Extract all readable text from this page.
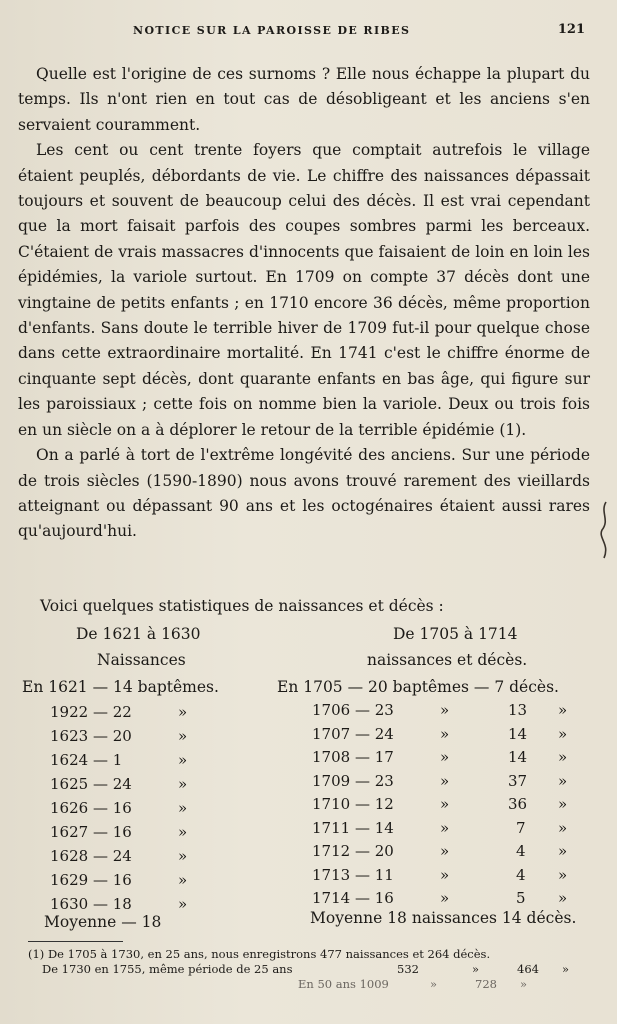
NOTICE SUR LA PAROISSE DE RIBES	121

Quelle est l'origine de ces surnoms ? Elle nous échappe la plupart du temps. Ils n'ont rien en tout cas de désobligeant et les anciens s'en servaient couramment.

Les cent ou cent trente foyers que comptait autrefois le village étaient peuplés, débordants de vie. Le chiffre des naissances dépassait toujours et souvent de beaucoup celui des décès. Il est vrai cependant que la mort faisait parfois des coupes sombres parmi les berceaux. C'étaient de vrais massacres d'innocents que faisaient de loin en loin les épidémies, la variole surtout. En 1709 on compte 37 décès dont une vingtaine de petits enfants ; en 1710 encore 36 décès, même proportion d'enfants. Sans doute le terrible hiver de 1709 fut-il pour quelque chose dans cette extraordinaire mortalité. En 1741 c'est le chiffre énorme de cinquante sept décès, dont quarante enfants en bas âge, qui figure sur les paroissiaux ; cette fois on nomme bien la variole. Deux ou trois fois en un siècle on a à déplorer le retour de la terrible épidémie (1).

On a parlé à tort de l'extrême longévité des anciens. Sur une période de trois siècles (1590-1890) nous avons trouvé rarement des vieillards atteignant ou dépassant 90 ans et les octogénaires étaient aussi rares qu'aujourd'hui.

Voici quelques statistiques de naissances et décès :
De 1621 à 1630
Naissances
En 1621 — 14 baptêmes.
De 1705 à 1714
naissances et décès.
En 1705 — 20 baptêmes — 7 décès.
1922 — 22	»
1623 — 20	»
1624 — 1	»
1625 — 24	»
1626 — 16	»
1627 — 16	»
1628 — 24	»
1629 — 16	»
1630 — 18	»
1706 — 23	»	13 »
1707 — 24	»	14 »
1708 — 17	»	14 »
1709 — 23	»	37 »
1710 — 12	»	36 »
1711 — 14	»	7 »
1712 — 20	»	4 »
1713 — 11	»	4 »
1714 — 16	»	5 »
Moyenne — 18	Moyenne 18 naissances 14 décès.
(1) De 1705 à 1730, en 25 ans, nous enregistrons 477 naissances et 264 décès.
De 1730 en 1755, même période de 25 ans	532	»	464 »
En 50 ans 1009	»	728 »
